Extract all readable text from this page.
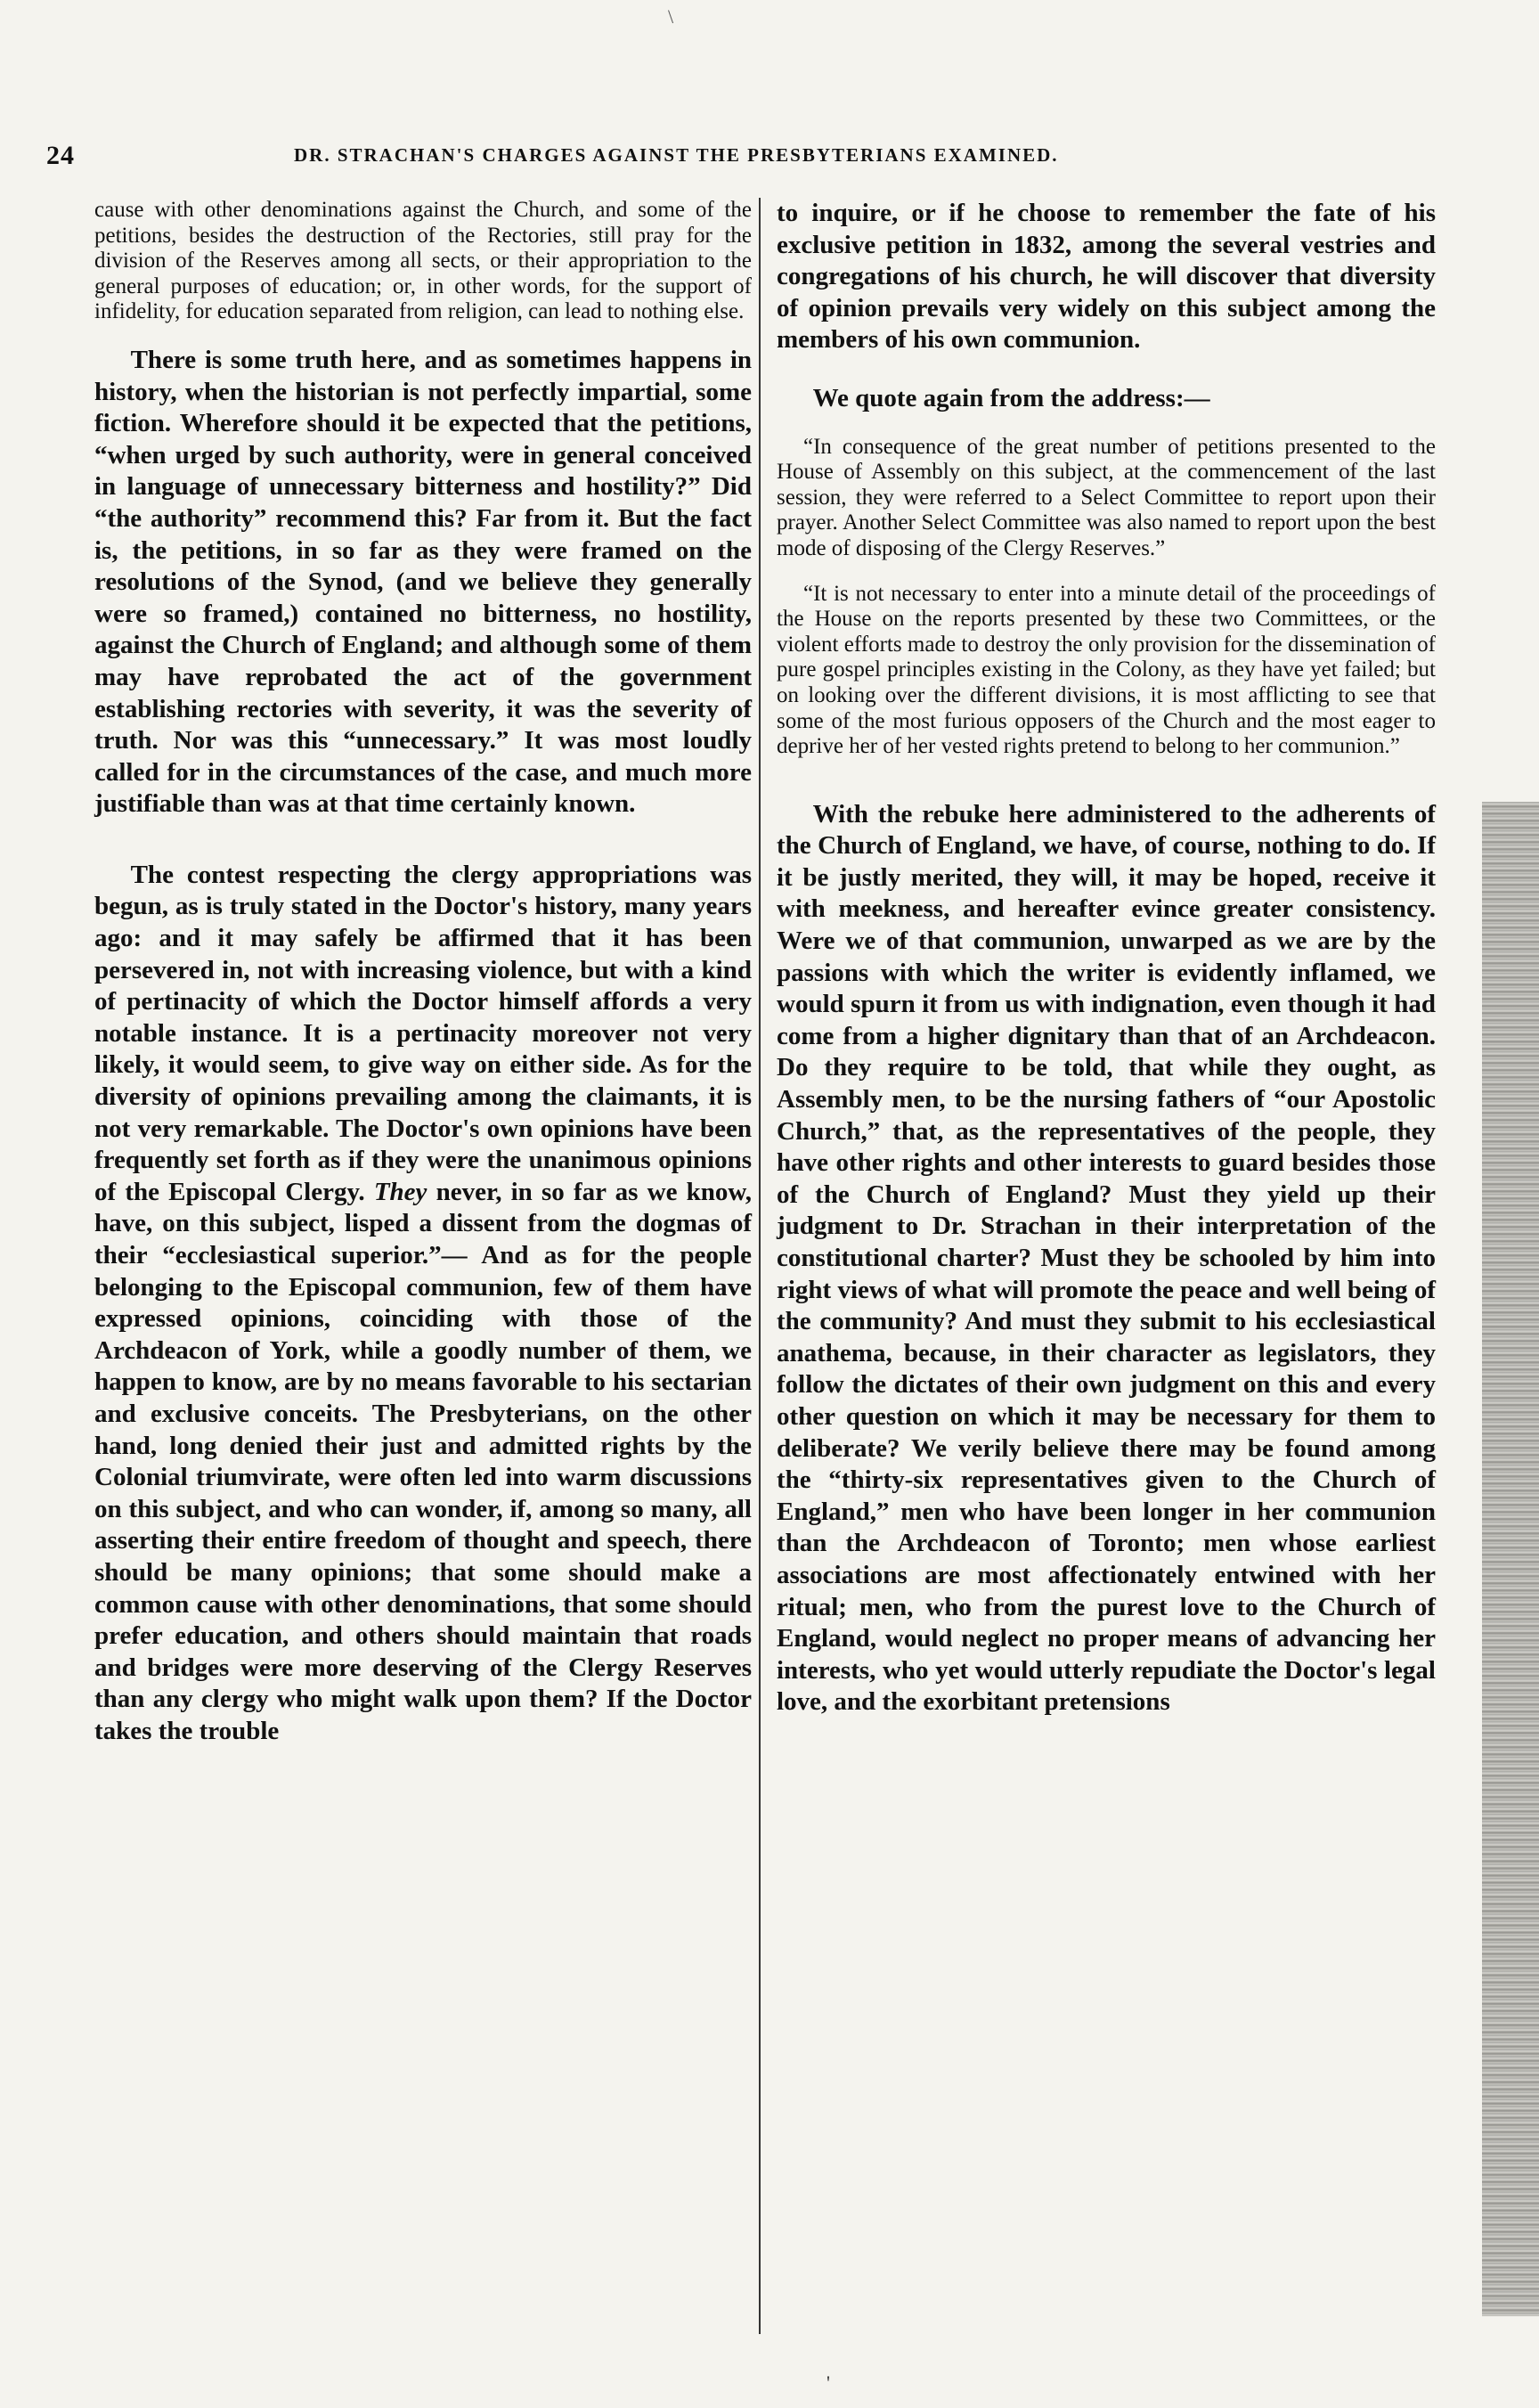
\
24	DR. STRACHAN'S CHARGES AGAINST THE PRESBYTERIANS EXAMINED.

cause with other denominations against the Church, and some of the petitions, besides the destruction of the Rectories, still pray for the division of the Reserves among all sects, or their appropriation to the general purposes of education; or, in other words, for the support of infidelity, for education separated from religion, can lead to nothing else.

There is some truth here, and as sometimes happens in history, when the historian is not perfectly impartial, some fiction. Wherefore should it be expected that the petitions, “when urged by such authority, were in general conceived in language of unnecessary bitterness and hostility?” Did “the authority” recommend this? Far from it. But the fact is, the petitions, in so far as they were framed on the resolutions of the Synod, (and we believe they generally were so framed,) contained no bitterness, no hostility, against the Church of England; and although some of them may have reprobated the act of the government establishing rectories with severity, it was the severity of truth. Nor was this “unnecessary.” It was most loudly called for in the circumstances of the case, and much more justifiable than was at that time certainly known.

The contest respecting the clergy appropriations was begun, as is truly stated in the Doctor's history, many years ago: and it may safely be affirmed that it has been persevered in, not with increasing violence, but with a kind of pertinacity of which the Doctor himself affords a very notable instance. It is a pertinacity moreover not very likely, it would seem, to give way on either side. As for the diversity of opinions prevailing among the claimants, it is not very remarkable. The Doctor's own opinions have been frequently set forth as if they were the unanimous opinions of the Episcopal Clergy. They never, in so far as we know, have, on this subject, lisped a dissent from the dogmas of their “ecclesiastical superior.”— And as for the people belonging to the Episcopal communion, few of them have expressed opinions, coinciding with those of the Archdeacon of York, while a goodly number of them, we happen to know, are by no means favorable to his sectarian and exclusive conceits. The Presbyterians, on the other hand, long denied their just and admitted rights by the Colonial triumvirate, were often led into warm discussions on this subject, and who can wonder, if, among so many, all asserting their entire freedom of thought and speech, there should be many opinions; that some should make a common cause with other denominations, that some should prefer education, and others should maintain that roads and bridges were more deserving of the Clergy Reserves than any clergy who might walk upon them? If the Doctor takes the trouble

to inquire, or if he choose to remember the fate of his exclusive petition in 1832, among the several vestries and congregations of his church, he will discover that diversity of opinion prevails very widely on this subject among the members of his own communion.

We quote again from the address:—

“In consequence of the great number of petitions presented to the House of Assembly on this subject, at the commencement of the last session, they were referred to a Select Committee to report upon their prayer. Another Select Committee was also named to report upon the best mode of disposing of the Clergy Reserves.”

“It is not necessary to enter into a minute detail of the proceedings of the House on the reports presented by these two Committees, or the violent efforts made to destroy the only provision for the dissemination of pure gospel principles existing in the Colony, as they have yet failed; but on looking over the different divisions, it is most afflicting to see that some of the most furious opposers of the Church and the most eager to deprive her of her vested rights pretend to belong to her communion.”

With the rebuke here administered to the adherents of the Church of England, we have, of course, nothing to do. If it be justly merited, they will, it may be hoped, receive it with meekness, and hereafter evince greater consistency. Were we of that communion, unwarped as we are by the passions with which the writer is evidently inflamed, we would spurn it from us with indignation, even though it had come from a higher dignitary than that of an Archdeacon. Do they require to be told, that while they ought, as Assembly men, to be the nursing fathers of “our Apostolic Church,” that, as the representatives of the people, they have other rights and other interests to guard besides those of the Church of England? Must they yield up their judgment to Dr. Strachan in their interpretation of the constitutional charter? Must they be schooled by him into right views of what will promote the peace and well being of the community? And must they submit to his ecclesiastical anathema, because, in their character as legislators, they follow the dictates of their own judgment on this and every other question on which it may be necessary for them to deliberate? We verily believe there may be found among the “thirty-six representatives given to the Church of England,” men who have been longer in her communion than the Archdeacon of Toronto; men whose earliest associations are most affectionately entwined with her ritual; men, who from the purest love to the Church of England, would neglect no proper means of advancing her interests, who yet would utterly repudiate the Doctor's legal love, and the exorbitant pretensions

'
